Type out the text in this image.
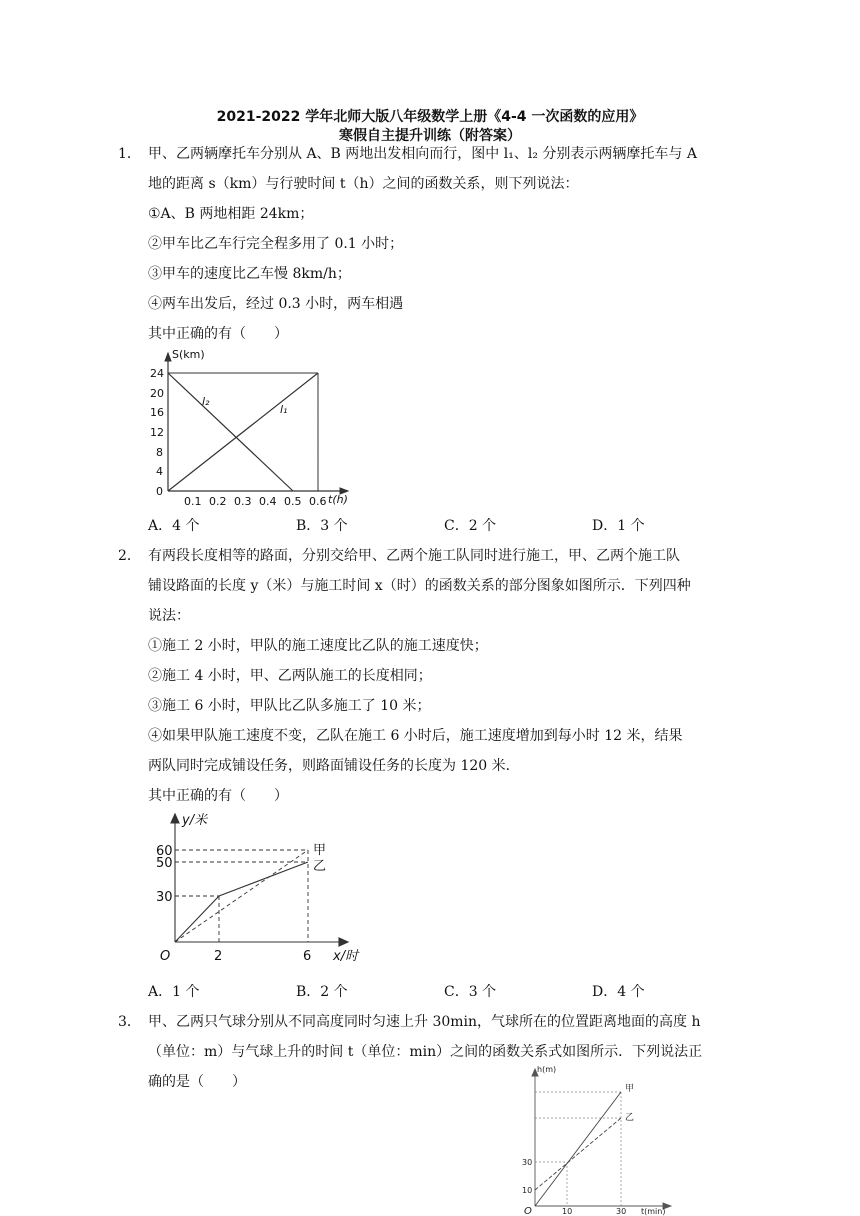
2021-2022 学年北师大版八年级数学上册《4-4 一次函数的应用》
寒假自主提升训练（附答案）
1． 甲、乙两辆摩托车分别从 A、B 两地出发相向而行，图中 l₁、l₂ 分别表示两辆摩托车与 A
地的距离 s（km）与行驶时间 t（h）之间的函数关系，则下列说法：
①A、B 两地相距 24km；
②甲车比乙车行完全程多用了 0.1 小时；
③甲车的速度比乙车慢 8km/h；
④两车出发后，经过 0.3 小时，两车相遇
其中正确的有（　　）
24
20
16
12
8
4
0
0.1 0.2 0.3 0.4 0.5 0.6
S(km)
t(h)
l₂
l₁
A．4 个	B．3 个	C．2 个	D．1 个
2． 有两段长度相等的路面，分别交给甲、乙两个施工队同时进行施工，甲、乙两个施工队
铺设路面的长度 y（米）与施工时间 x（时）的函数关系的部分图象如图所示．下列四种
说法：
①施工 2 小时，甲队的施工速度比乙队的施工速度快；
②施工 4 小时，甲、乙两队施工的长度相同；
③施工 6 小时，甲队比乙队多施工了 10 米；
④如果甲队施工速度不变，乙队在施工 6 小时后，施工速度增加到每小时 12 米，结果
两队同时完成铺设任务，则路面铺设任务的长度为 120 米．
其中正确的有（　　）
y/米
60
50
30
2	6
O	x/时
甲
乙
A．1 个	B．2 个	C．3 个	D．4 个
3． 甲、乙两只气球分别从不同高度同时匀速上升 30min，气球所在的位置距离地面的高度 h
（单位：m）与气球上升的时间 t（单位：min）之间的函数关系式如图所示．下列说法正
确的是（　　）
h(m)
30
10
10	30
O	t(min)
甲
乙
